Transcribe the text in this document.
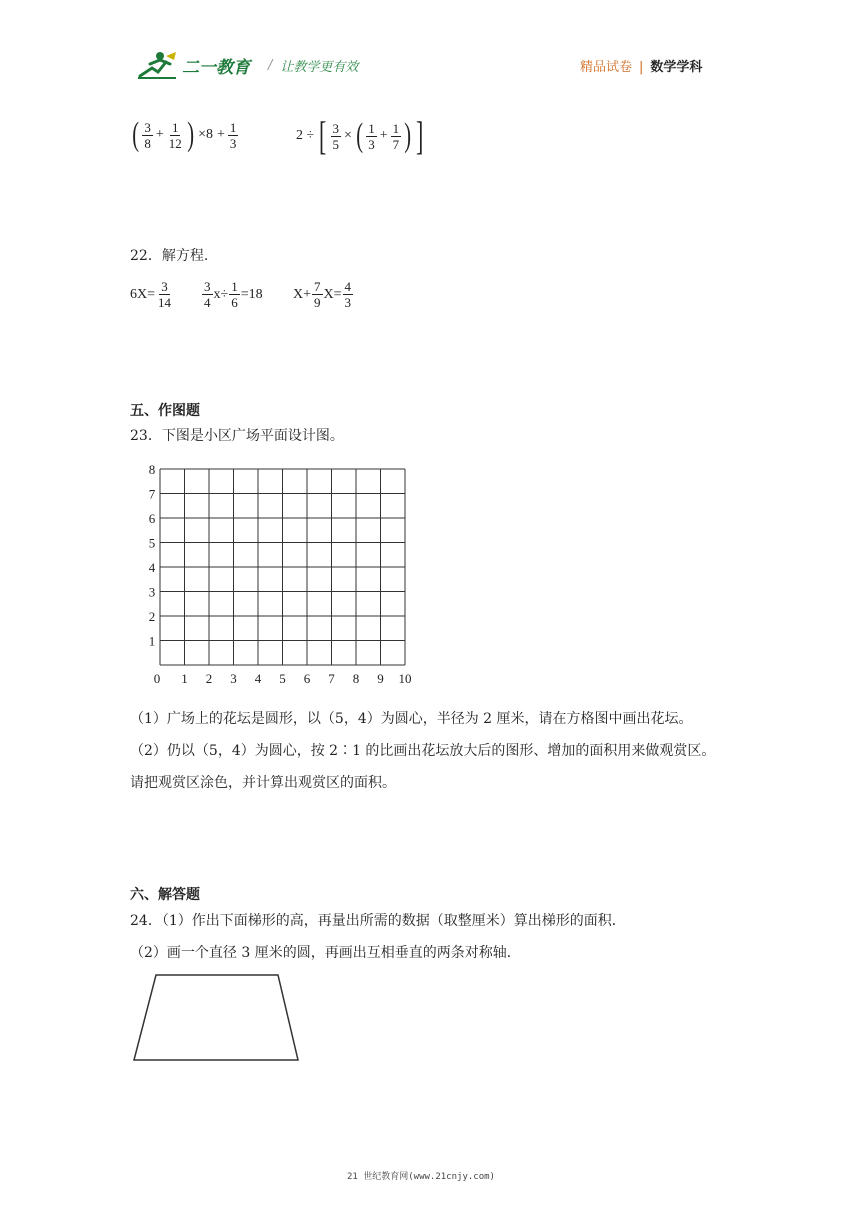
二一教育 / 让教学更有效	精品试卷 | 数学学科
( $\frac{3}{8} + \frac{1}{12}$ ) $\times 8 + \frac{1}{3}$	2 ÷ [ $\frac{3}{5}$ × ( $\frac{1}{3} + \frac{1}{7}$ ) ]
22．解方程.
$6X= \frac{3}{14} \frac{3}{4} x\div \frac{1}{6} =18$ $X+ \frac{7}{9} X= \frac{4}{3}$
五、作图题
23．下图是小区广场平面设计图。
0 1 2 3 4 5 6 7 8 9 10
1
2
3
4
5
6
7
8
（1）广场上的花坛是圆形，以（5，4）为圆心，半径为 2 厘米，请在方格图中画出花坛。
（2）仍以（5，4）为圆心，按 2∶1 的比画出花坛放大后的图形、增加的面积用来做观赏区。
请把观赏区涂色，并计算出观赏区的面积。
六、解答题
24．（1）作出下面梯形的高，再量出所需的数据（取整厘米）算出梯形的面积．
（2）画一个直径 3 厘米的圆，再画出互相垂直的两条对称轴．
21 世纪教育网(www.21cnjy.com)
